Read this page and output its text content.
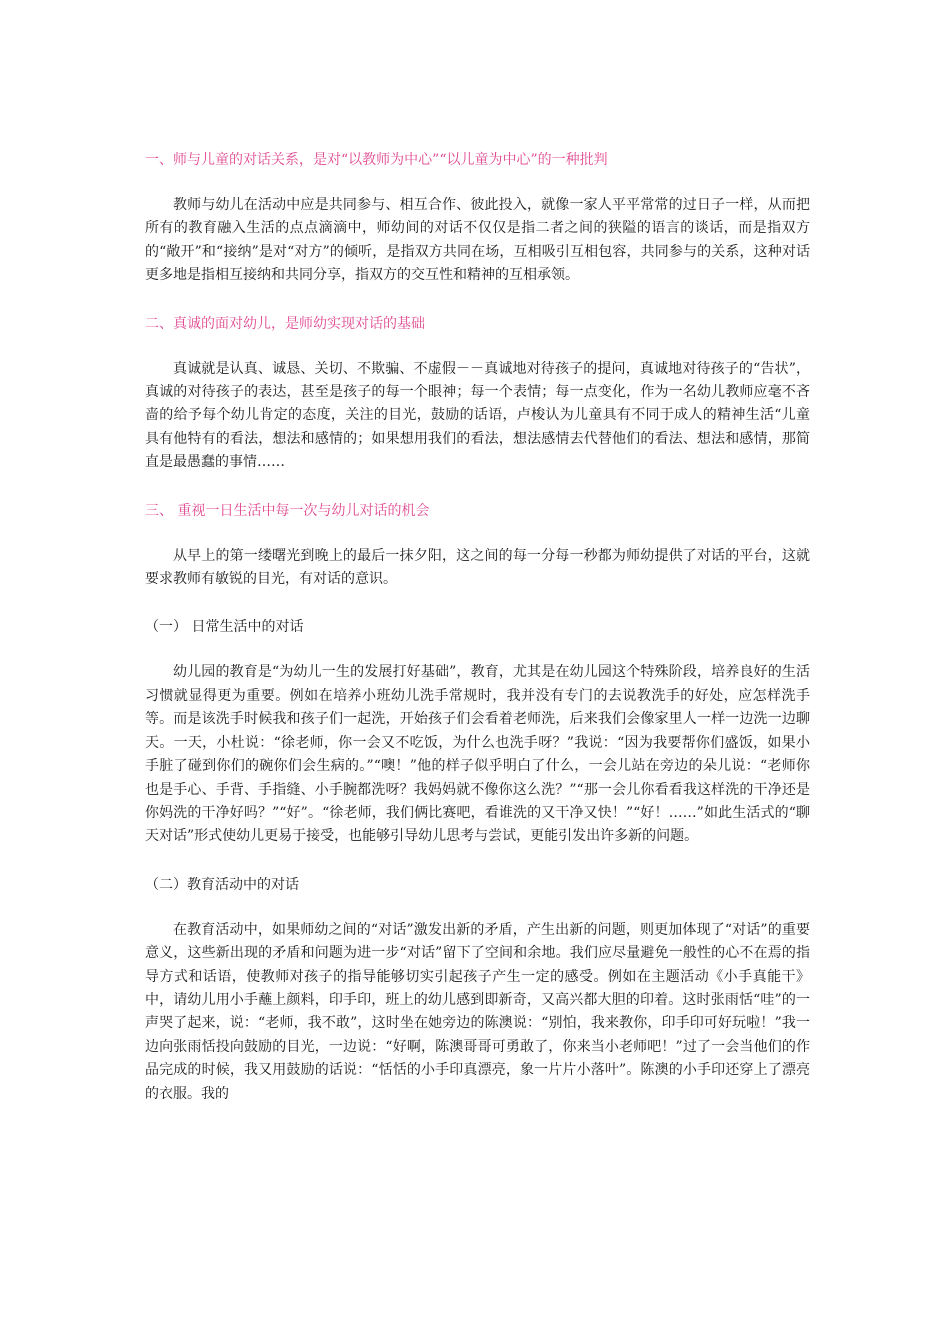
一、师与儿童的对话关系，是对“以教师为中心”“以儿童为中心”的一种批判

教师与幼儿在活动中应是共同参与、相互合作、彼此投入，就像一家人平平常常的过日子一样，从而把所有的教育融入生活的点点滴滴中，师幼间的对话不仅仅是指二者之间的狭隘的语言的谈话，而是指双方的“敞开”和“接纳”是对“对方”的倾听，是指双方共同在场，互相吸引互相包容，共同参与的关系，这种对话更多地是指相互接纳和共同分享，指双方的交互性和精神的互相承领。

二、真诚的面对幼儿，是师幼实现对话的基础

真诚就是认真、诚恳、关切、不欺骗、不虚假－－真诚地对待孩子的提问，真诚地对待孩子的“告状”，真诚的对待孩子的表达，甚至是孩子的每一个眼神；每一个表情；每一点变化，作为一名幼儿教师应毫不吝啬的给予每个幼儿肯定的态度，关注的目光，鼓励的话语，卢梭认为儿童具有不同于成人的精神生活“儿童具有他特有的看法，想法和感情的；如果想用我们的看法，想法感情去代替他们的看法、想法和感情，那简直是最愚蠢的事情……

三、 重视一日生活中每一次与幼儿对话的机会

从早上的第一缕曙光到晚上的最后一抹夕阳，这之间的每一分每一秒都为师幼提供了对话的平台，这就要求教师有敏锐的目光，有对话的意识。

（一） 日常生活中的对话

幼儿园的教育是“为幼儿一生的发展打好基础”，教育，尤其是在幼儿园这个特殊阶段，培养良好的生活习惯就显得更为重要。例如在培养小班幼儿洗手常规时，我并没有专门的去说教洗手的好处，应怎样洗手等。而是该洗手时候我和孩子们一起洗，开始孩子们会看着老师洗，后来我们会像家里人一样一边洗一边聊天。一天，小杜说：“徐老师，你一会又不吃饭，为什么也洗手呀？”我说：“因为我要帮你们盛饭，如果小手脏了碰到你们的碗你们会生病的。”“噢！”他的样子似乎明白了什么，一会儿站在旁边的朵儿说：“老师你也是手心、手背、手指缝、小手腕都洗呀？我妈妈就不像你这么洗？”“那一会儿你看看我这样洗的干净还是你妈洗的干净好吗？”“好”。“徐老师，我们俩比赛吧，看谁洗的又干净又快！”“好！……”如此生活式的“聊天对话”形式使幼儿更易于接受，也能够引导幼儿思考与尝试，更能引发出许多新的问题。

（二）教育活动中的对话

在教育活动中，如果师幼之间的“对话”激发出新的矛盾，产生出新的问题，则更加体现了“对话”的重要意义，这些新出现的矛盾和问题为进一步“对话”留下了空间和余地。我们应尽量避免一般性的心不在焉的指导方式和话语，使教师对孩子的指导能够切实引起孩子产生一定的感受。例如在主题活动《小手真能干》中，请幼儿用小手蘸上颜料，印手印，班上的幼儿感到即新奇，又高兴都大胆的印着。这时张雨恬“哇”的一声哭了起来，说：“老师，我不敢”，这时坐在她旁边的陈澳说：“别怕，我来教你，印手印可好玩啦！”我一边向张雨恬投向鼓励的目光，一边说：“好啊，陈澳哥哥可勇敢了，你来当小老师吧！”过了一会当他们的作品完成的时候，我又用鼓励的话说：“恬恬的小手印真漂亮，象一片片小落叶”。陈澳的小手印还穿上了漂亮的衣服。我的
